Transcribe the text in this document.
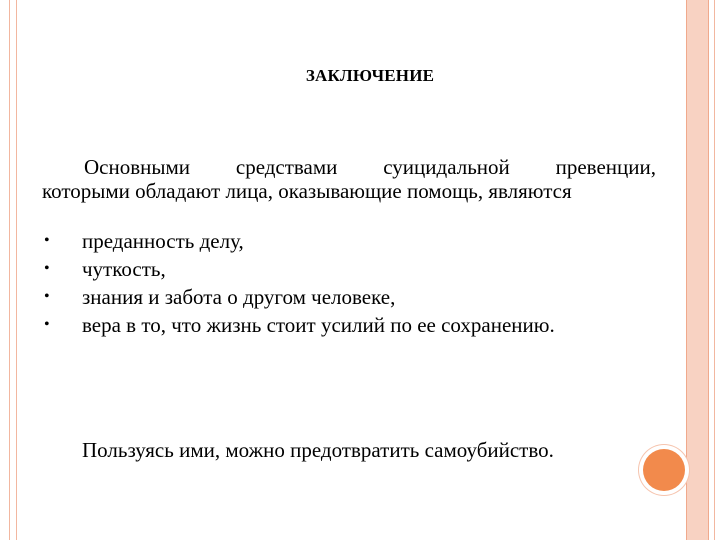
ЗАКЛЮЧЕНИЕ
Основными средствами суицидальной превенции,
которыми обладают лица, оказывающие помощь, являются
• преданность делу,
• чуткость,
• знания и забота о другом человеке,
• вера в то, что жизнь стоит усилий по ее сохранению.
Пользуясь ими, можно предотвратить самоубийство.
